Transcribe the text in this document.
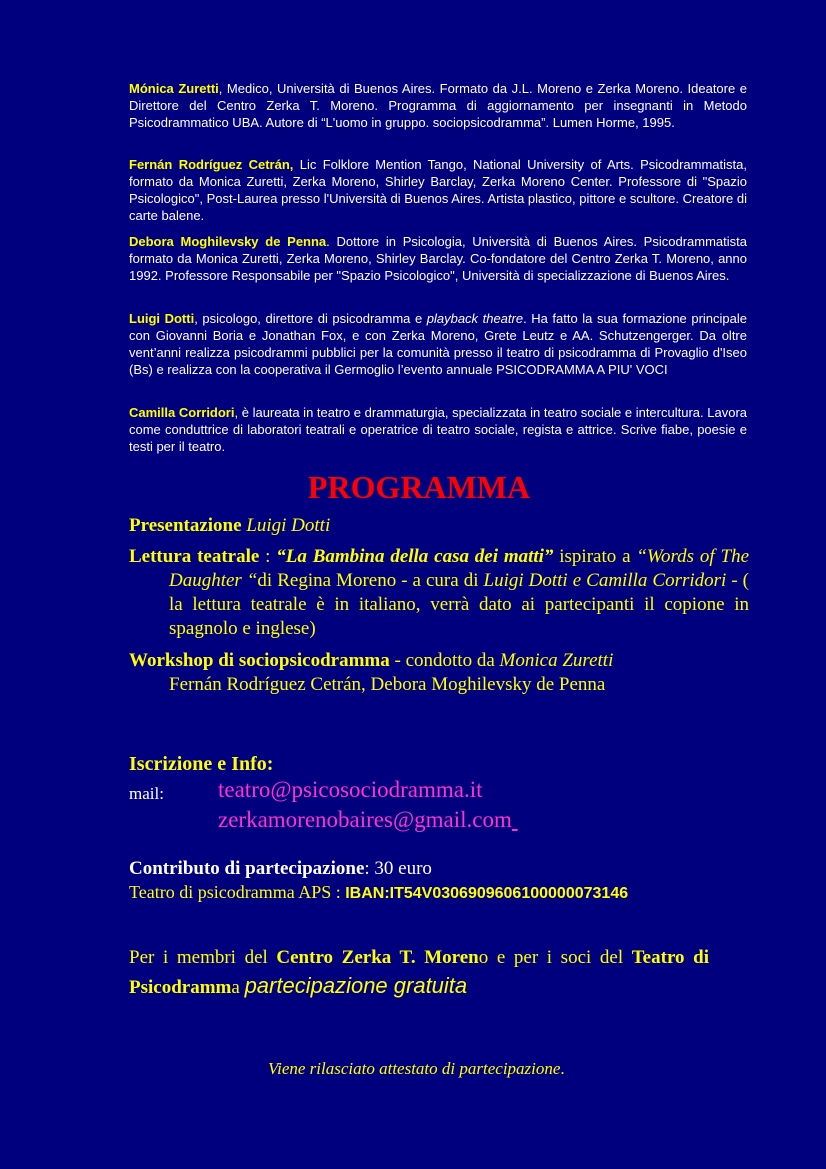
Mónica Zuretti, Medico, Università di Buenos Aires. Formato da J.L. Moreno e Zerka Moreno. Ideatore e Direttore del Centro Zerka T. Moreno. Programma di aggiornamento per insegnanti in Metodo Psicodrammatico UBA. Autore di “L'uomo in gruppo. sociopsicodramma”. Lumen Horme, 1995.
Fernán Rodríguez Cetrán, Lic Folklore Mention Tango, National University of Arts. Psicodrammatista, formato da Monica Zuretti, Zerka Moreno, Shirley Barclay, Zerka Moreno Center. Professore di "Spazio Psicologico", Post-Laurea presso l'Università di Buenos Aires. Artista plastico, pittore e scultore. Creatore di carte balene.
Debora Moghilevsky de Penna. Dottore in Psicologia, Università di Buenos Aires. Psicodrammatista formato da Monica Zuretti, Zerka Moreno, Shirley Barclay. Co-fondatore del Centro Zerka T. Moreno, anno 1992. Professore Responsabile per "Spazio Psicologico", Università di specializzazione di Buenos Aires.
Luigi Dotti, psicologo, direttore di psicodramma e playback theatre. Ha fatto la sua formazione principale con Giovanni Boria e Jonathan Fox, e con Zerka Moreno, Grete Leutz e AA. Schutzengerger. Da oltre vent’anni realizza psicodrammi pubblici per la comunità presso il teatro di psicodramma di Provaglio d'Iseo (Bs) e realizza con la cooperativa il Germoglio l’evento annuale PSICODRAMMA A PIU' VOCI
Camilla Corridori, è laureata in teatro e drammaturgia, specializzata in teatro sociale e intercultura. Lavora come conduttrice di laboratori teatrali e operatrice di teatro sociale, regista e attrice. Scrive fiabe, poesie e testi per il teatro.
PROGRAMMA
Presentazione Luigi Dotti
Lettura teatrale : “La Bambina della casa dei matti” ispirato a “Words of The Daughter “di Regina Moreno - a cura di Luigi Dotti e Camilla Corridori - ( la lettura teatrale è in italiano, verrà dato ai partecipanti il copione in spagnolo e inglese)
Workshop di sociopsicodramma - condotto da Monica Zuretti
Fernán Rodríguez Cetrán, Debora Moghilevsky de Penna
Iscrizione e Info:
mail: teatro@psicosociodramma.it
zerkamorenobaires@gmail.com
Contributo di partecipazione: 30 euro
Teatro di psicodramma APS : IBAN:IT54V0306909606100000073146
Per i membri del Centro Zerka T. Moreno e per i soci del Teatro di Psicodramma partecipazione gratuita
Viene rilasciato attestato di partecipazione.
